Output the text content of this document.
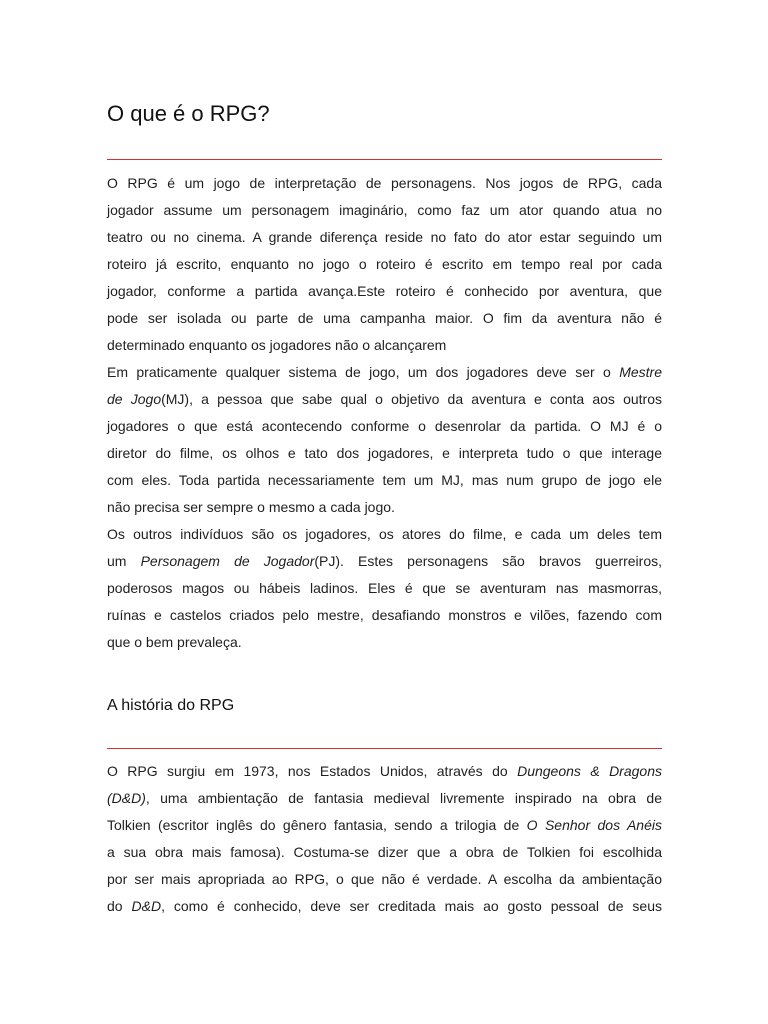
O que é o RPG?
O RPG é um jogo de interpretação de personagens. Nos jogos de RPG, cada
jogador assume um personagem imaginário, como faz um ator quando atua no
teatro ou no cinema. A grande diferença reside no fato do ator estar seguindo um
roteiro já escrito, enquanto no jogo o roteiro é escrito em tempo real por cada
jogador, conforme a partida avança.Este roteiro é conhecido por aventura, que
pode ser isolada ou parte de uma campanha maior. O fim da aventura não é
determinado enquanto os jogadores não o alcançarem
Em praticamente qualquer sistema de jogo, um dos jogadores deve ser o Mestre
de Jogo(MJ), a pessoa que sabe qual o objetivo da aventura e conta aos outros
jogadores o que está acontecendo conforme o desenrolar da partida. O MJ é o
diretor do filme, os olhos e tato dos jogadores, e interpreta tudo o que interage
com eles. Toda partida necessariamente tem um MJ, mas num grupo de jogo ele
não precisa ser sempre o mesmo a cada jogo.
Os outros indivíduos são os jogadores, os atores do filme, e cada um deles tem
um Personagem de Jogador(PJ). Estes personagens são bravos guerreiros,
poderosos magos ou hábeis ladinos. Eles é que se aventuram nas masmorras,
ruínas e castelos criados pelo mestre, desafiando monstros e vilões, fazendo com
que o bem prevaleça.
A história do RPG
O RPG surgiu em 1973, nos Estados Unidos, através do Dungeons & Dragons
(D&D), uma ambientação de fantasia medieval livremente inspirado na obra de
Tolkien (escritor inglês do gênero fantasia, sendo a trilogia de O Senhor dos Anéis
a sua obra mais famosa). Costuma-se dizer que a obra de Tolkien foi escolhida
por ser mais apropriada ao RPG, o que não é verdade. A escolha da ambientação
do D&D, como é conhecido, deve ser creditada mais ao gosto pessoal de seus
